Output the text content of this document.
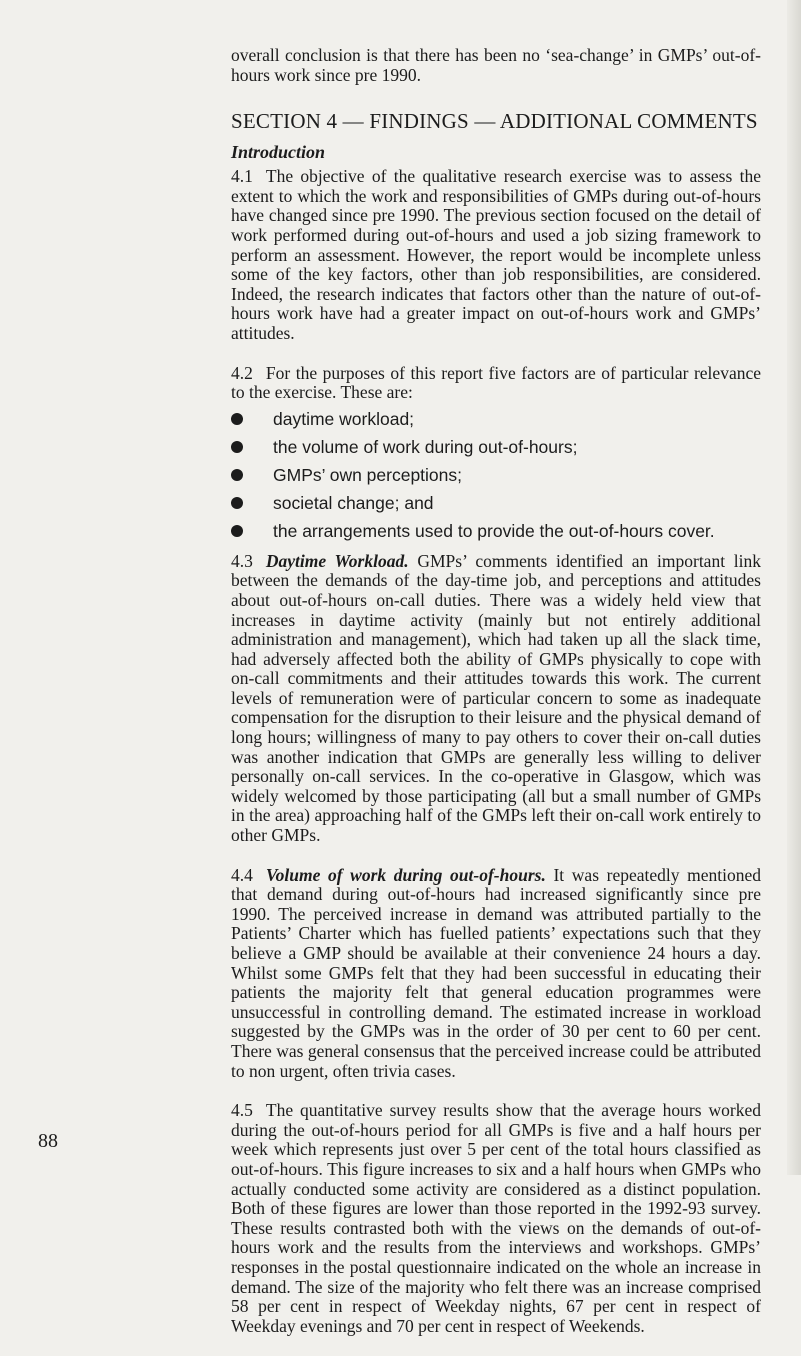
overall conclusion is that there has been no ‘sea-change’ in GMPs’ out-of-hours work since pre 1990.

SECTION 4 — FINDINGS — ADDITIONAL COMMENTS
Introduction

4.1 The objective of the qualitative research exercise was to assess the extent to which the work and responsibilities of GMPs during out-of-hours have changed since pre 1990. The previous section focused on the detail of work performed during out-of-hours and used a job sizing framework to perform an assessment. However, the report would be incomplete unless some of the key factors, other than job responsibilities, are considered. Indeed, the research indicates that factors other than the nature of out-of-hours work have had a greater impact on out-of-hours work and GMPs’ attitudes.

4.2 For the purposes of this report five factors are of particular relevance to the exercise. These are:

daytime workload;
the volume of work during out-of-hours;
GMPs’ own perceptions;
societal change; and
the arrangements used to provide the out-of-hours cover.

4.3 Daytime Workload. GMPs’ comments identified an important link between the demands of the day-time job, and perceptions and attitudes about out-of-hours on-call duties. There was a widely held view that increases in daytime activity (mainly but not entirely additional administration and management), which had taken up all the slack time, had adversely affected both the ability of GMPs physically to cope with on-call commitments and their attitudes towards this work. The current levels of remuneration were of particular concern to some as inadequate compensation for the disruption to their leisure and the physical demand of long hours; willingness of many to pay others to cover their on-call duties was another indication that GMPs are generally less willing to deliver personally on-call services. In the co-operative in Glasgow, which was widely welcomed by those participating (all but a small number of GMPs in the area) approaching half of the GMPs left their on-call work entirely to other GMPs.

4.4 Volume of work during out-of-hours. It was repeatedly mentioned that demand during out-of-hours had increased significantly since pre 1990. The perceived increase in demand was attributed partially to the Patients’ Charter which has fuelled patients’ expectations such that they believe a GMP should be available at their convenience 24 hours a day. Whilst some GMPs felt that they had been successful in educating their patients the majority felt that general education programmes were unsuccessful in controlling demand. The estimated increase in workload suggested by the GMPs was in the order of 30 per cent to 60 per cent. There was general consensus that the perceived increase could be attributed to non urgent, often trivia cases.

4.5 The quantitative survey results show that the average hours worked during the out-of-hours period for all GMPs is five and a half hours per week which represents just over 5 per cent of the total hours classified as out-of-hours. This figure increases to six and a half hours when GMPs who actually conducted some activity are considered as a distinct population. Both of these figures are lower than those reported in the 1992-93 survey. These results contrasted both with the views on the demands of out-of-hours work and the results from the interviews and workshops. GMPs’ responses in the postal questionnaire indicated on the whole an increase in demand. The size of the majority who felt there was an increase comprised 58 per cent in respect of Weekday nights, 67 per cent in respect of Weekday evenings and 70 per cent in respect of Weekends.

88
